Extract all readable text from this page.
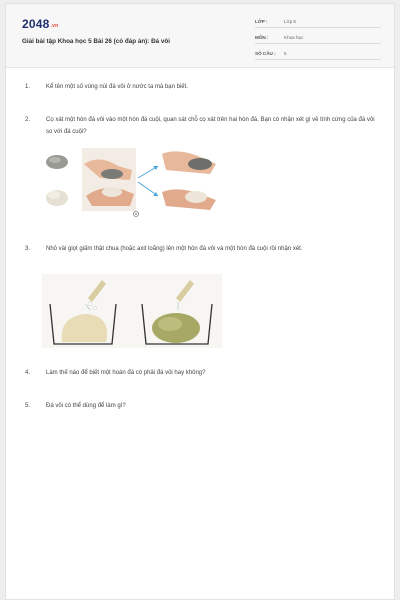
2048.vn
Giải bài tập Khoa học 5 Bài 26 (có đáp án): Đá vôi
LỚP :	Lớp 5
MÔN :	Khoa học
SỐ CÂU : 5
1.	Kể tên một số vùng núi đá vôi ở nước ta mà bạn biết.
2.	Cọ xát một hòn đá vôi vào một hòn đá cuội, quan sát chỗ cọ xát trên hai hòn đá. Bạn có nhận xét gì về tính cứng của đá vôi so với đá cuội?
3.	Nhỏ vài giọt giấm thật chua (hoặc axit loãng) lên một hòn đá vôi và một hòn đá cuội rồi nhận xét.
4.	Làm thế nào để biết một hoàn đá có phải đá vôi hay không?
5.	Đá vôi có thể dùng để làm gì?
